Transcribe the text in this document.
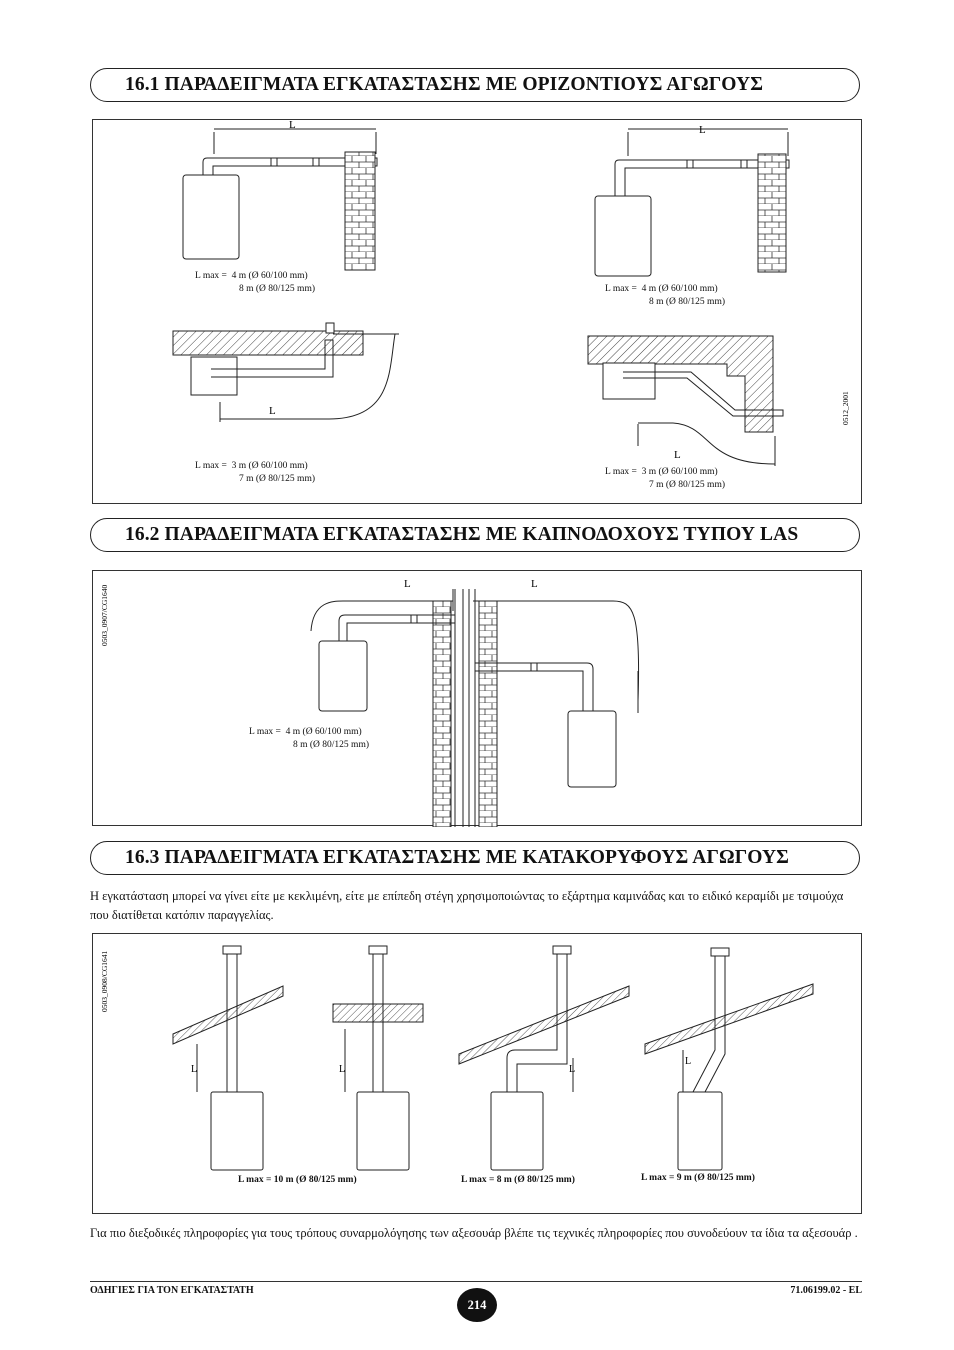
16.1 ΠΑΡΑΔΕΙΓΜΑΤΑ ΕΓΚΑΤΑΣΤΑΣΗΣ ΜΕ ΟΡΙΖΟΝΤΙΟΥΣ ΑΓΩΓΟΥΣ
L	L
L
L
0512_2001
L max = 4 m (Ø 60/100 mm)
8 m (Ø 80/125 mm)	L max = 4 m (Ø 60/100 mm)
8 m (Ø 80/125 mm)
L max = 3 m (Ø 60/100 mm)
7 m (Ø 80/125 mm)
L max = 3 m (Ø 60/100 mm)
7 m (Ø 80/125 mm)
16.2 ΠΑΡΑΔΕΙΓΜΑΤΑ ΕΓΚΑΤΑΣΤΑΣΗΣ ΜΕ ΚΑΠΝΟΔΟΧΟΥΣ ΤΥΠΟΥ LAS
L	L
0503_0907/CG1640
L max = 4 m (Ø 60/100 mm)
8 m (Ø 80/125 mm)
16.3 ΠΑΡΑΔΕΙΓΜΑΤΑ ΕΓΚΑΤΑΣΤΑΣΗΣ ΜΕ ΚΑΤΑΚΟΡΥΦΟΥΣ ΑΓΩΓΟΥΣ
Η εγκατάσταση μπορεί να γίνει είτε με κεκλιμένη, είτε με επίπεδη στέγη χρησιμοποιώντας το εξάρτημα καμινάδας και το ειδικό κεραμίδι με τσιμούχα που διατίθεται κατόπιν παραγγελίας.
L	L	L
L
0503_0908/CG1641
L max = 10 m (Ø 80/125 mm)	L max = 8 m (Ø 80/125 mm)	L max = 9 m (Ø 80/125 mm)
Για πιο διεξοδικές πληροφορίες για τους τρόπους συναρμολόγησης των αξεσουάρ βλέπε τις τεχνικές πληροφορίες που συνοδεύουν τα ίδια τα αξεσουάρ .
ΟΔΗΓΙΕΣ ΓΙΑ ΤΟΝ ΕΓΚΑΤΑΣΤΑΤΗ
214
71.06199.02 - EL
